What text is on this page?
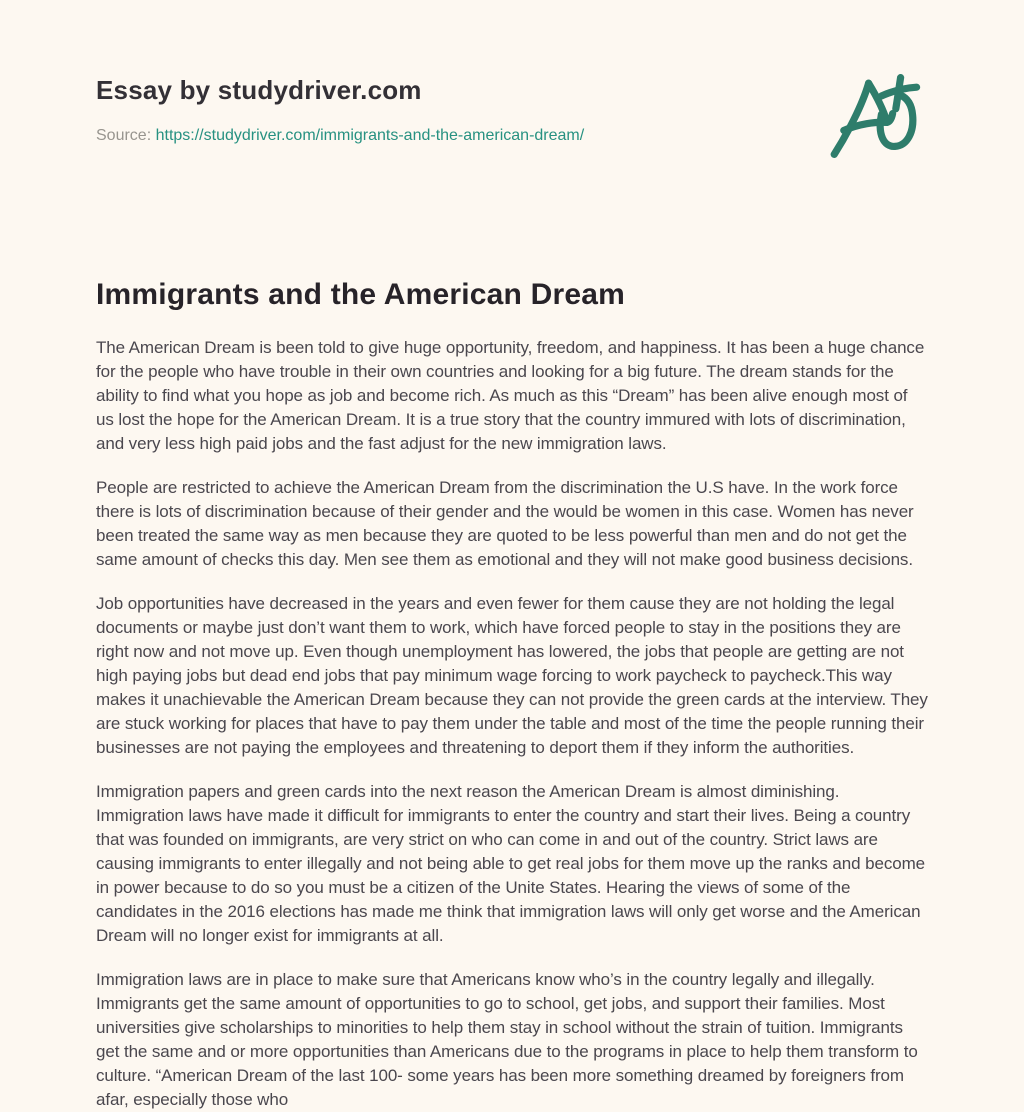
Essay by studydriver.com

Source: https://studydriver.com/immigrants-and-the-american-dream/

Immigrants and the American Dream

The American Dream is been told to give huge opportunity, freedom, and happiness. It has been a huge chance for the people who have trouble in their own countries and looking for a big future. The dream stands for the ability to find what you hope as job and become rich. As much as this “Dream” has been alive enough most of us lost the hope for the American Dream. It is a true story that the country immured with lots of discrimination, and very less high paid jobs and the fast adjust for the new immigration laws.

People are restricted to achieve the American Dream from the discrimination the U.S have. In the work force there is lots of discrimination because of their gender and the would be women in this case. Women has never been treated the same way as men because they are quoted to be less powerful than men and do not get the same amount of checks this day. Men see them as emotional and they will not make good business decisions.

Job opportunities have decreased in the years and even fewer for them cause they are not holding the legal documents or maybe just don’t want them to work, which have forced people to stay in the positions they are right now and not move up. Even though unemployment has lowered, the jobs that people are getting are not high paying jobs but dead end jobs that pay minimum wage forcing to work paycheck to paycheck.This way makes it unachievable the American Dream because they can not provide the green cards at the interview. They are stuck working for places that have to pay them under the table and most of the time the people running their businesses are not paying the employees and threatening to deport them if they inform the authorities.

Immigration papers and green cards into the next reason the American Dream is almost diminishing. Immigration laws have made it difficult for immigrants to enter the country and start their lives. Being a country that was founded on immigrants, are very strict on who can come in and out of the country. Strict laws are causing immigrants to enter illegally and not being able to get real jobs for them move up the ranks and become in power because to do so you must be a citizen of the Unite States. Hearing the views of some of the candidates in the 2016 elections has made me think that immigration laws will only get worse and the American Dream will no longer exist for immigrants at all.

Immigration laws are in place to make sure that Americans know who’s in the country legally and illegally. Immigrants get the same amount of opportunities to go to school, get jobs, and support their families. Most universities give scholarships to minorities to help them stay in school without the strain of tuition. Immigrants get the same and or more opportunities than Americans due to the programs in place to help them transform to culture. “American Dream of the last 100- some years has been more something dreamed by foreigners from afar, especially those who
